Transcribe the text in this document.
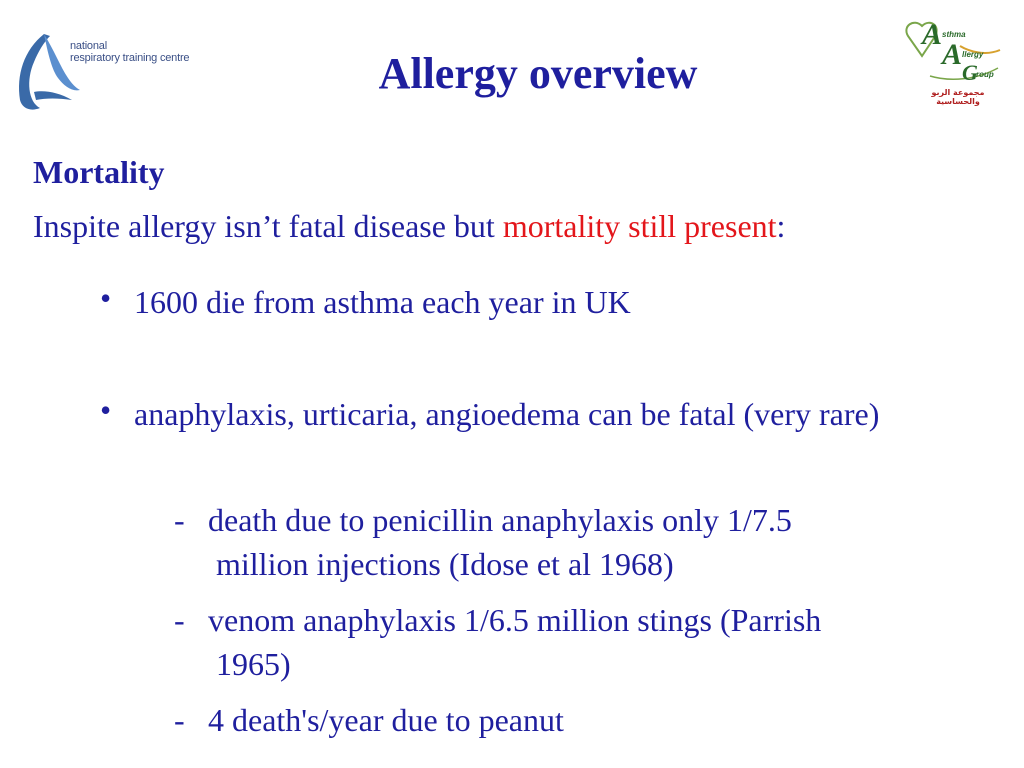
national
respiratory training centre
A sthma
A llergy
G
roup
مجموعة الربو والحساسية
Allergy overview
Mortality
Inspite allergy isn’t fatal disease but mortality still present:
• 1600 die from asthma each year in UK
• anaphylaxis, urticaria, angioedema can be fatal (very rare)
- death due to penicillin anaphylaxis only 1/7.5
million injections (Idose et al 1968)
- venom anaphylaxis 1/6.5 million stings (Parrish
1965)
- 4 death's/year due to peanut
